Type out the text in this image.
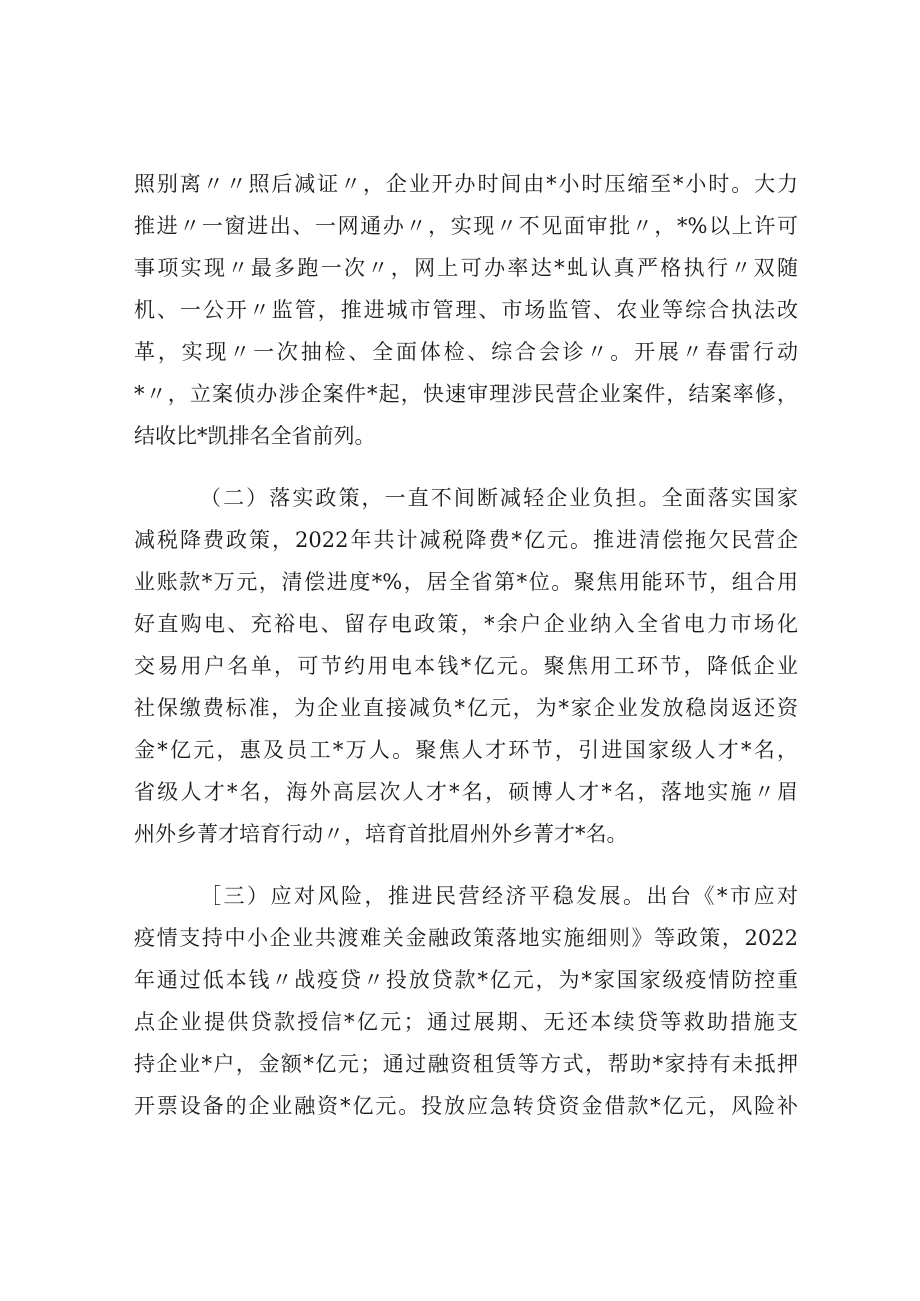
照别离〃〃照后减证〃，企业开办时间由*小时压缩至*小时。大力
推进〃一窗进出、一网通办〃，实现〃不见面审批〃，*%以上许可
事项实现〃最多跑一次〃，网上可办率达*虬认真严格执行〃双随
机、一公开〃监管，推进城市管理、市场监管、农业等综合执法改
革，实现〃一次抽检、全面体检、综合会诊〃。开展〃春雷行动
*〃，立案侦办涉企案件*起，快速审理涉民营企业案件，结案率修，
结收比*凯排名全省前列。
（二）落实政策，一直不间断减轻企业负担。全面落实国家
减税降费政策，2022年共计减税降费*亿元。推进清偿拖欠民营企
业账款*万元，清偿进度*%，居全省第*位。聚焦用能环节，组合用
好直购电、充裕电、留存电政策，*余户企业纳入全省电力市场化
交易用户名单，可节约用电本钱*亿元。聚焦用工环节，降低企业
社保缴费标准，为企业直接减负*亿元，为*家企业发放稳岗返还资
金*亿元，惠及员工*万人。聚焦人才环节，引进国家级人才*名，
省级人才*名，海外高层次人才*名，硕博人才*名，落地实施〃眉
州外乡菁才培育行动〃，培育首批眉州外乡菁才*名。
［三）应对风险，推进民营经济平稳发展。出台《*市应对
疫情支持中小企业共渡难关金融政策落地实施细则》等政策，2022
年通过低本钱〃战疫贷〃投放贷款*亿元，为*家国家级疫情防控重
点企业提供贷款授信*亿元；通过展期、无还本续贷等救助措施支
持企业*户，金额*亿元；通过融资租赁等方式，帮助*家持有未抵押
开票设备的企业融资*亿元。投放应急转贷资金借款*亿元，风险补
